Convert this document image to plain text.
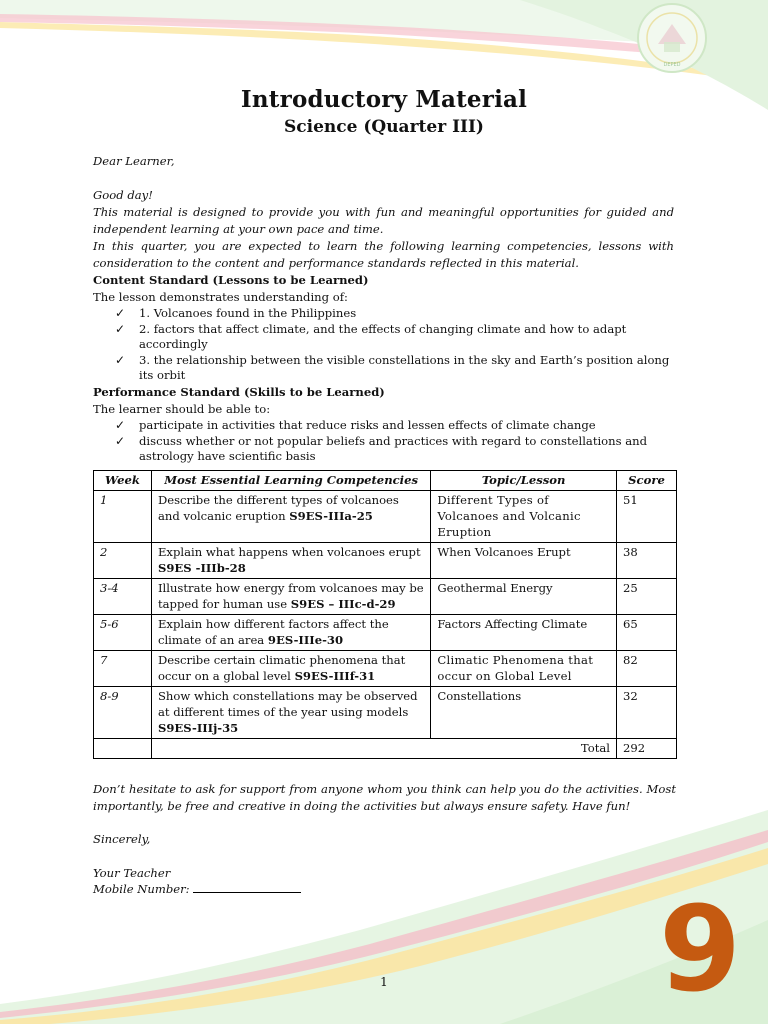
DEPED
Introductory Material
Science (Quarter III)

Dear Learner,

Good day!

This material is designed to provide you with fun and meaningful opportunities for guided and independent learning at your own pace and time.

In this quarter, you are expected to learn the following learning competencies, lessons with consideration to the content and performance standards reflected in this material.

Content Standard (Lessons to be Learned)

The lesson demonstrates understanding of:

✓ 1. Volcanoes found in the Philippines
✓ 2. factors that affect climate, and the effects of changing climate and how to adapt accordingly
✓ 3. the relationship between the visible constellations in the sky and Earth’s position along its orbit

Performance Standard (Skills to be Learned)

The learner should be able to:

✓ participate in activities that reduce risks and lessen effects of climate change
✓ discuss whether or not popular beliefs and practices with regard to constellations and astrology have scientific basis
Week	Most Essential Learning Competencies	Topic/Lesson	Score
1	Describe the different types of volcanoes and volcanic eruption S9ES-IIIa-25	Different Types of Volcanoes and Volcanic Eruption	51
2	Explain what happens when volcanoes erupt S9ES -IIIb-28	When Volcanoes Erupt	38
3-4	Illustrate how energy from volcanoes may be tapped for human use S9ES – IIIc-d-29	Geothermal Energy	25
5-6	Explain how different factors affect the climate of an area 9ES-IIIe-30	Factors Affecting Climate	65
7	Describe certain climatic phenomena that occur on a global level S9ES-IIIf-31	Climatic Phenomena that occur on Global Level	82
8-9	Show which constellations may be observed at different times of the year using models S9ES-IIIj-35	Constellations	32
	Total		292

Don’t hesitate to ask for support from anyone whom you think can help you do the activities. Most importantly, be free and creative in doing the activities but always ensure safety. Have fun!

Sincerely,

Your Teacher

Mobile Number:	9
1
